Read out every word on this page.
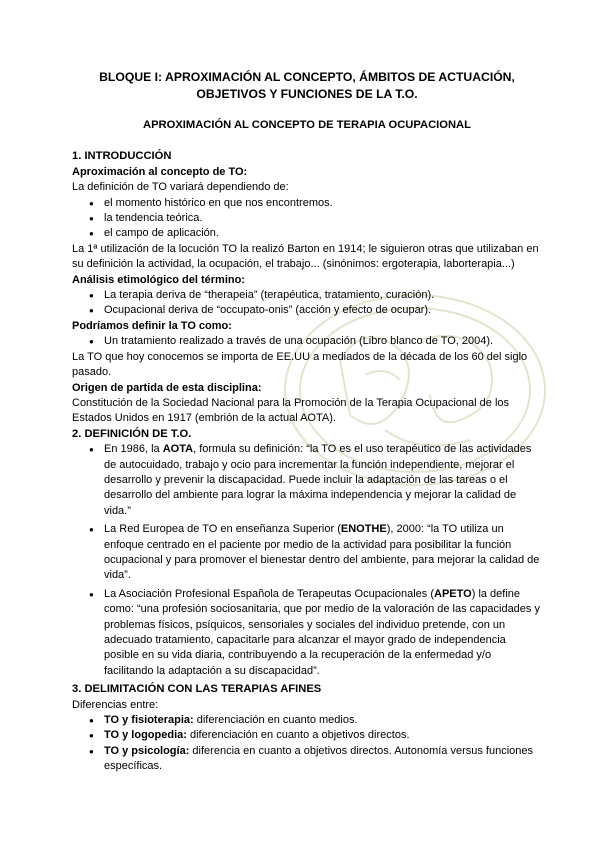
BLOQUE I: APROXIMACIÓN AL CONCEPTO, ÁMBITOS DE ACTUACIÓN, OBJETIVOS Y FUNCIONES DE LA T.O.
APROXIMACIÓN AL CONCEPTO DE TERAPIA OCUPACIONAL
1. INTRODUCCIÓN
Aproximación al concepto de TO:

La definición de TO variará dependiendo de:

● el momento histórico en que nos encontremos.
● la tendencia teórica.
● el campo de aplicación.

La 1ª utilización de la locución TO la realizó Barton en 1914; le siguieron otras que utilizaban en su definición la actividad, la ocupación, el trabajo... (sinónimos: ergoterapia, laborterapia...)

Análisis etimológico del término:
● La terapia deriva de “therapeia” (terapéutica, tratamiento, curación).
● Ocupacional deriva de “occupato-onis” (acción y efecto de ocupar).
Podríamos definir la TO como:
● Un tratamiento realizado a través de una ocupación (Libro blanco de TO, 2004).

La TO que hoy conocemos se importa de EE.UU a mediados de la década de los 60 del siglo pasado.

Origen de partida de esta disciplina:

Constitución de la Sociedad Nacional para la Promoción de la Terapia Ocupacional de los Estados Unidos en 1917 (embrión de la actual AOTA).

2. DEFINICIÓN DE T.O.
● En 1986, la AOTA, formula su definición: “la TO es el uso terapéutico de las actividades de autocuidado, trabajo y ocio para incrementar la función independiente, mejorar el desarrollo y prevenir la discapacidad. Puede incluir la adaptación de las tareas o el desarrollo del ambiente para lograr la máxima independencia y mejorar la calidad de vida.”
● La Red Europea de TO en enseñanza Superior (ENOTHE), 2000: “la TO utiliza un enfoque centrado en el paciente por medio de la actividad para posibilitar la función ocupacional y para promover el bienestar dentro del ambiente, para mejorar la calidad de vida”.
● La Asociación Profesional Española de Terapeutas Ocupacionales (APETO) la define como: “una profesión sociosanitaria, que por medio de la valoración de las capacidades y problemas físicos, psíquicos, sensoriales y sociales del individuo pretende, con un adecuado tratamiento, capacitarle para alcanzar el mayor grado de independencia posible en su vida diaria, contribuyendo a la recuperación de la enfermedad y/o facilitando la adaptación a su discapacidad”.
3. DELIMITACIÓN CON LAS TERAPIAS AFINES

Diferencias entre:

● TO y fisioterapia: diferenciación en cuanto medios.
● TO y logopedia: diferenciación en cuanto a objetivos directos.
● TO y psicología: diferencia en cuanto a objetivos directos. Autonomía versus funciones específicas.
